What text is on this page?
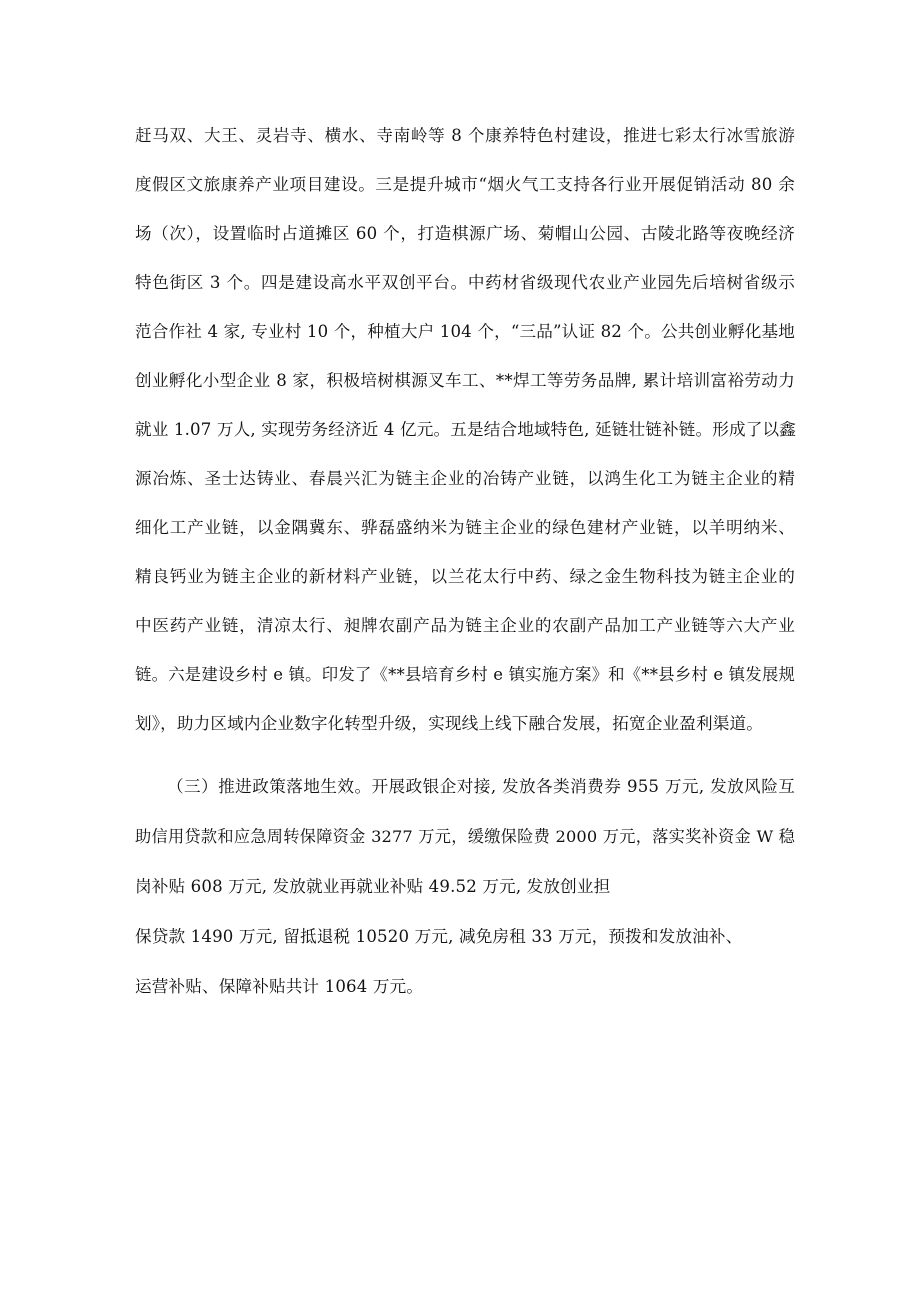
赶马双、大王、灵岩寺、横水、寺南岭等 8 个康养特色村建设，推进七彩太行冰雪旅游
度假区文旅康养产业项目建设。三是提升城市“烟火气工支持各行业开展促销活动 80 余
场（次），设置临时占道摊区 60 个，打造棋源广场、菊帽山公园、古陵北路等夜晚经济
特色街区 3 个。四是建设高水平双创平台。中药材省级现代农业产业园先后培树省级示
范合作社 4 家, 专业村 10 个，种植大户 104 个，“三品”认证 82 个。公共创业孵化基地
创业孵化小型企业 8 家，积极培树棋源叉车工、**焊工等劳务品牌, 累计培训富裕劳动力
就业 1.07 万人, 实现劳务经济近 4 亿元。五是结合地域特色, 延链壮链补链。形成了以鑫
源冶炼、圣士达铸业、春晨兴汇为链主企业的冶铸产业链，以鸿生化工为链主企业的精
细化工产业链，以金隅冀东、骅磊盛纳米为链主企业的绿色建材产业链，以羊明纳米、
精良钙业为链主企业的新材料产业链，以兰花太行中药、绿之金生物科技为链主企业的
中医药产业链，清凉太行、昶牌农副产品为链主企业的农副产品加工产业链等六大产业
链。六是建设乡村 e 镇。印发了《**县培育乡村 e 镇实施方案》和《**县乡村 e 镇发展规
划》，助力区域内企业数字化转型升级，实现线上线下融合发展，拓宽企业盈利渠道。
（三）推进政策落地生效。开展政银企对接, 发放各类消费券 955 万元, 发放风险互
助信用贷款和应急周转保障资金 3277 万元，缓缴保险费 2000 万元，落实奖补资金 W 稳
岗补贴 608 万元, 发放就业再就业补贴 49.52 万元, 发放创业担
保贷款 1490 万元, 留抵退税 10520 万元, 减免房租 33 万元，预拨和发放油补、
运营补贴、保障补贴共计 1064 万元。
